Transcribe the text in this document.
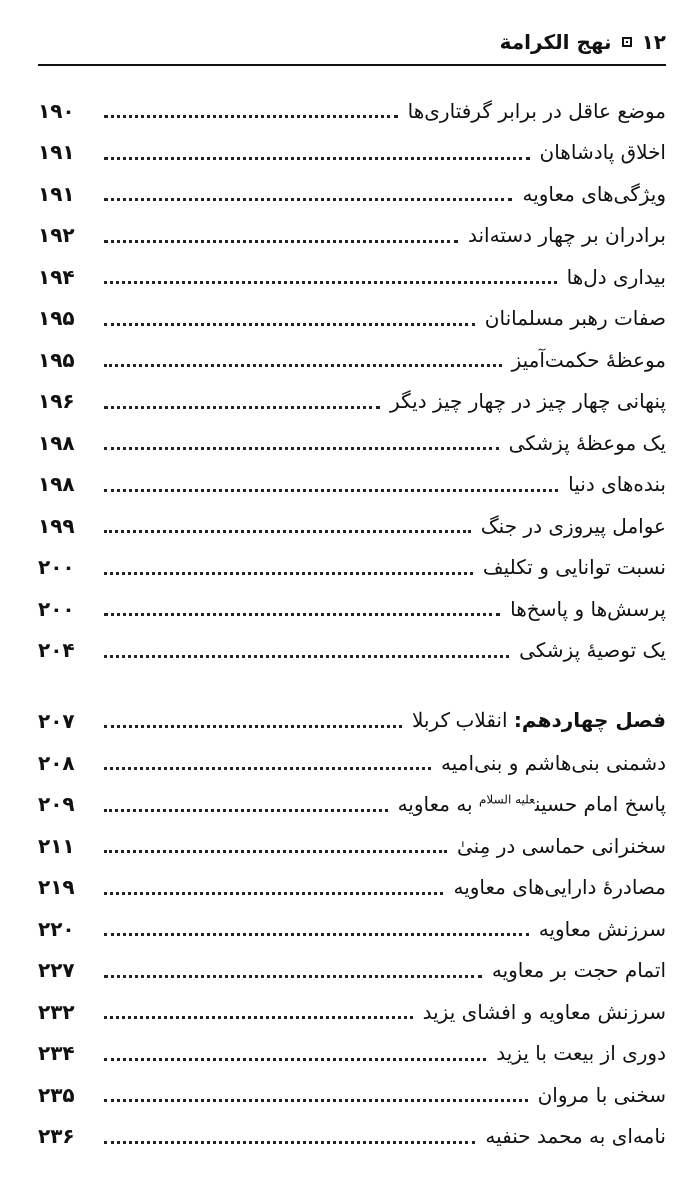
۱۲
نهج الکرامة
موضع عاقل در برابر گرفتاری‌ها
۱۹۰
اخلاق پادشاهان
۱۹۱
ویژگی‌های معاویه
۱۹۱
برادران بر چهار دسته‌اند
۱۹۲
بیداری دل‌ها
۱۹۴
صفات رهبر مسلمانان
۱۹۵
موعظهٔ حکمت‌آمیز
۱۹۵
پنهانی چهار چیز در چهار چیز دیگر
۱۹۶
یک موعظهٔ پزشکی
۱۹۸
بنده‌های دنیا
۱۹۸
عوامل پیروزی در جنگ
۱۹۹
نسبت توانایی و تکلیف
۲۰۰
پرسش‌ها و پاسخ‌ها
۲۰۰
یک توصیهٔ پزشکی
۲۰۴
فصل چهاردهم: انقلاب کربلا
۲۰۷
دشمنی بنی‌هاشم و بنی‌امیه
۲۰۸
پاسخ امام حسین$^{علیه السلام}$ به معاویه
۲۰۹
سخنرانی حماسی در مِنیٰ
۲۱۱
مصادرهٔ دارایی‌های معاویه
۲۱۹
سرزنش معاویه
۲۲۰
اتمام حجت بر معاویه
۲۲۷
سرزنش معاویه و افشای یزید
۲۳۲
دوری از بیعت با یزید
۲۳۴
سخنی با مروان
۲۳۵
نامه‌ای به محمد حنفیه
۲۳۶
